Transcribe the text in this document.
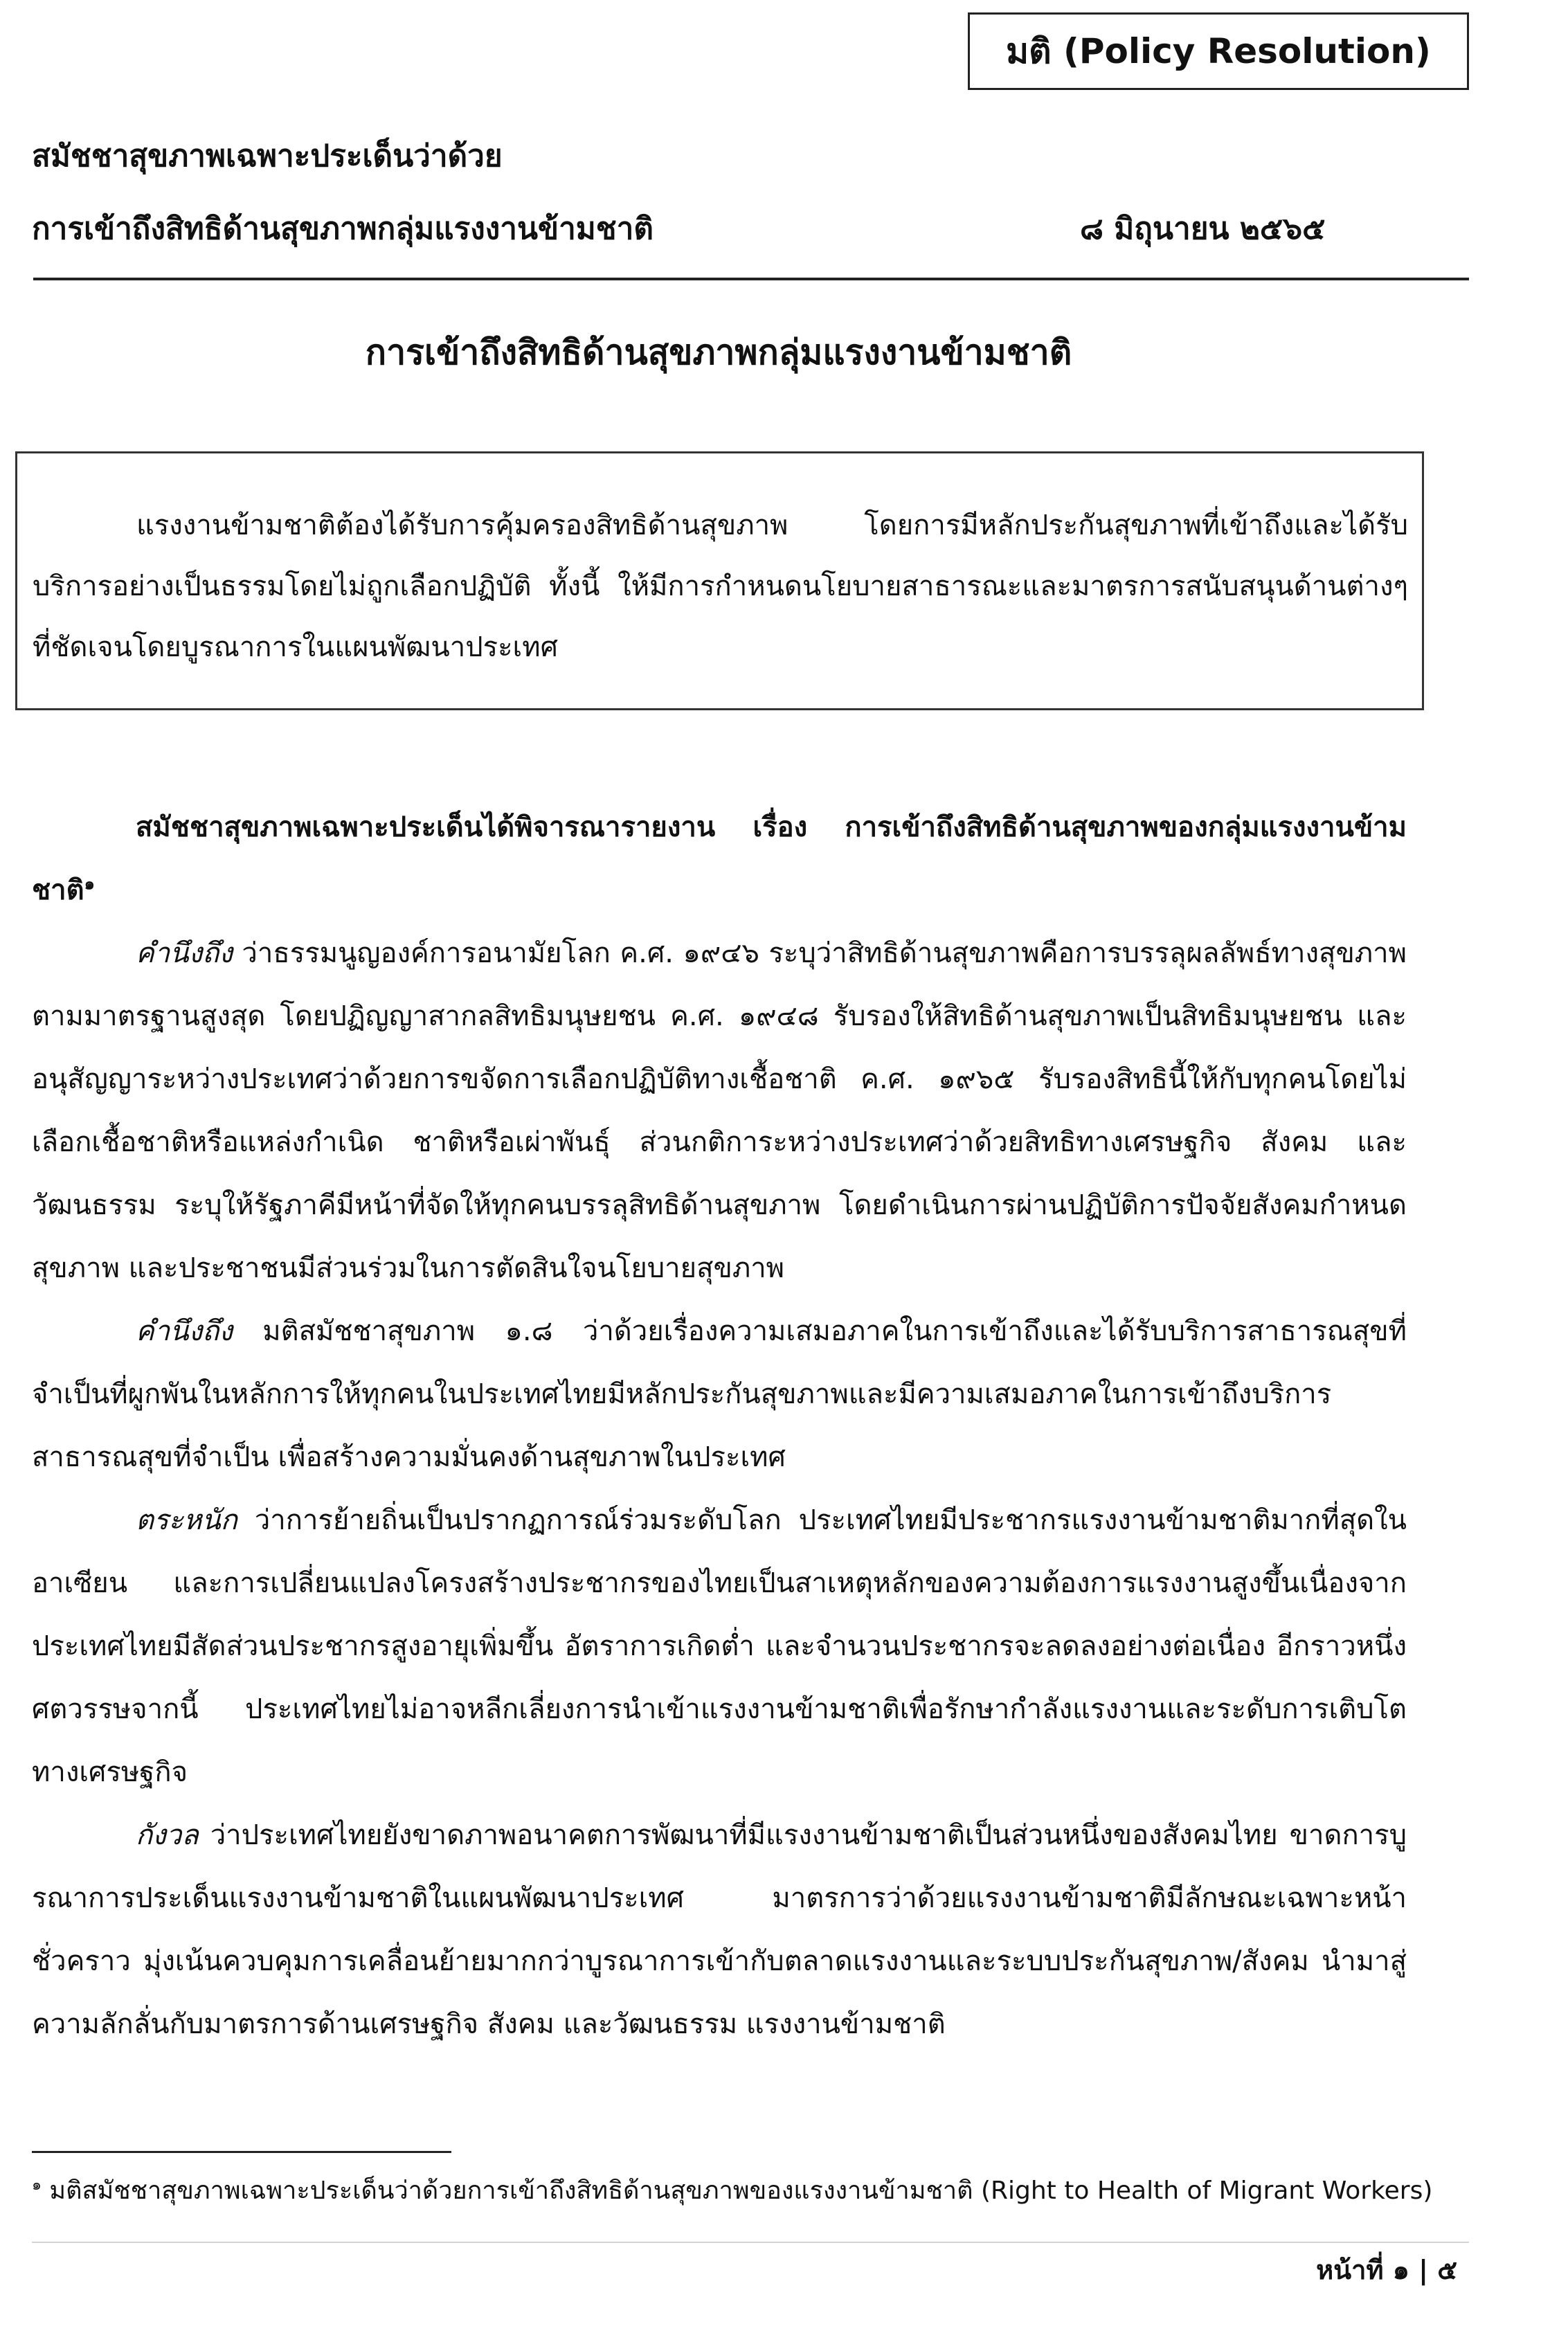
มติ (Policy Resolution)
สมัชชาสุขภาพเฉพาะประเด็นว่าด้วย
การเข้าถึงสิทธิด้านสุขภาพกลุ่มแรงงานข้ามชาติ	๘ มิถุนายน ๒๕๖๕
การเข้าถึงสิทธิด้านสุขภาพกลุ่มแรงงานข้ามชาติ

แรงงานข้ามชาติต้องได้รับการคุ้มครองสิทธิด้านสุขภาพ โดยการมีหลักประกันสุขภาพที่เข้าถึงและได้รับบริการอย่างเป็นธรรมโดยไม่ถูกเลือกปฏิบัติ ทั้งนี้ ให้มีการกำหนดนโยบายสาธารณะและมาตรการสนับสนุนด้านต่างๆ ที่ชัดเจนโดยบูรณาการในแผนพัฒนาประเทศ

สมัชชาสุขภาพเฉพาะประเด็นได้พิจารณารายงาน เรื่อง การเข้าถึงสิทธิด้านสุขภาพของกลุ่มแรงงานข้ามชาติ$^๑$

คำนึงถึง ว่าธรรมนูญองค์การอนามัยโลก ค.ศ. ๑๙๔๖ ระบุว่าสิทธิด้านสุขภาพคือการบรรลุผลลัพธ์ทางสุขภาพตามมาตรฐานสูงสุด โดยปฏิญญาสากลสิทธิมนุษยชน ค.ศ. ๑๙๔๘ รับรองให้สิทธิด้านสุขภาพเป็นสิทธิมนุษยชน และอนุสัญญาระหว่างประเทศว่าด้วยการขจัดการเลือกปฏิบัติทางเชื้อชาติ ค.ศ. ๑๙๖๕ รับรองสิทธินี้ให้กับทุกคนโดยไม่เลือกเชื้อชาติหรือแหล่งกำเนิด ชาติหรือเผ่าพันธุ์ ส่วนกติการะหว่างประเทศว่าด้วยสิทธิทางเศรษฐกิจ สังคม และวัฒนธรรม ระบุให้รัฐภาคีมีหน้าที่จัดให้ทุกคนบรรลุสิทธิด้านสุขภาพ โดยดำเนินการผ่านปฏิบัติการปัจจัยสังคมกำหนดสุขภาพ และประชาชนมีส่วนร่วมในการตัดสินใจนโยบายสุขภาพ

คำนึงถึง มติสมัชชาสุขภาพ ๑.๘ ว่าด้วยเรื่องความเสมอภาคในการเข้าถึงและได้รับบริการสาธารณสุขที่จำเป็นที่ผูกพันในหลักการให้ทุกคนในประเทศไทยมีหลักประกันสุขภาพและมีความเสมอภาคในการเข้าถึงบริการสาธารณสุขที่จำเป็น เพื่อสร้างความมั่นคงด้านสุขภาพในประเทศ

ตระหนัก ว่าการย้ายถิ่นเป็นปรากฏการณ์ร่วมระดับโลก ประเทศไทยมีประชากรแรงงานข้ามชาติมากที่สุดในอาเซียน และการเปลี่ยนแปลงโครงสร้างประชากรของไทยเป็นสาเหตุหลักของความต้องการแรงงานสูงขึ้นเนื่องจากประเทศไทยมีสัดส่วนประชากรสูงอายุเพิ่มขึ้น อัตราการเกิดต่ำ และจำนวนประชากรจะลดลงอย่างต่อเนื่อง อีกราวหนึ่งศตวรรษจากนี้ ประเทศไทยไม่อาจหลีกเลี่ยงการนำเข้าแรงงานข้ามชาติเพื่อรักษากำลังแรงงานและระดับการเติบโตทางเศรษฐกิจ

กังวล ว่าประเทศไทยยังขาดภาพอนาคตการพัฒนาที่มีแรงงานข้ามชาติเป็นส่วนหนึ่งของสังคมไทย ขาดการบูรณาการประเด็นแรงงานข้ามชาติในแผนพัฒนาประเทศ มาตรการว่าด้วยแรงงานข้ามชาติมีลักษณะเฉพาะหน้าชั่วคราว มุ่งเน้นควบคุมการเคลื่อนย้ายมากกว่าบูรณาการเข้ากับตลาดแรงงานและระบบประกันสุขภาพ/สังคม นำมาสู่ความลักลั่นกับมาตรการด้านเศรษฐกิจ สังคม และวัฒนธรรม แรงงานข้ามชาติ

$^๑$ มติสมัชชาสุขภาพเฉพาะประเด็นว่าด้วยการเข้าถึงสิทธิด้านสุขภาพของแรงงานข้ามชาติ (Right to Health of Migrant Workers)
หน้าที่ ๑ | ๕
